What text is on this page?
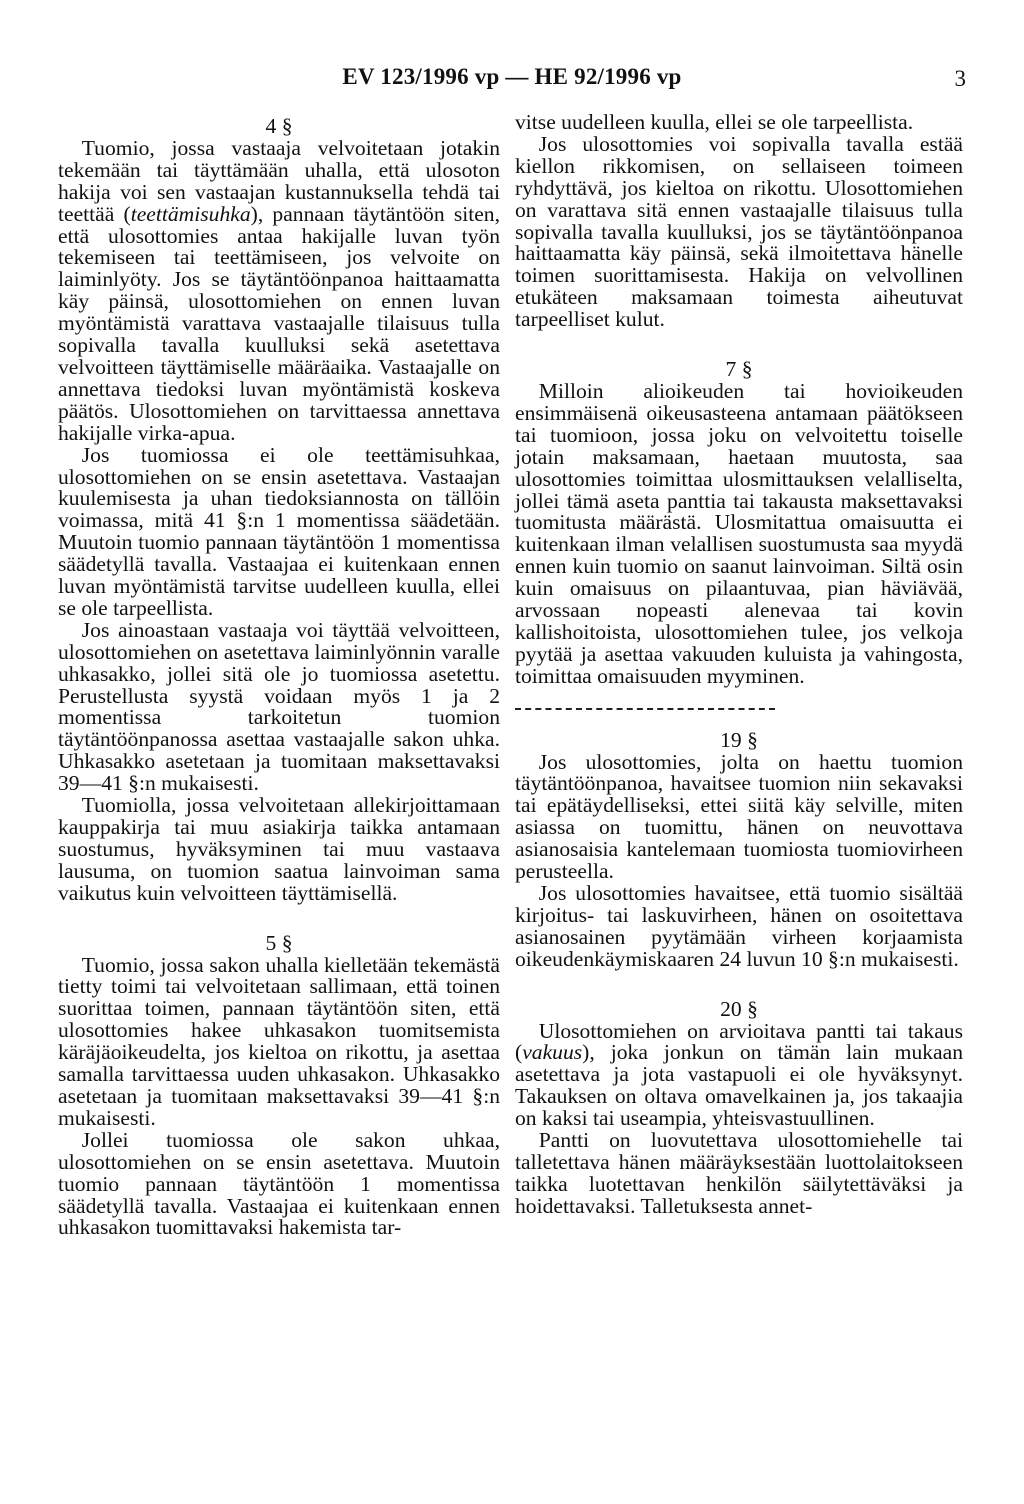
EV 123/1996 vp — HE 92/1996 vp	3

4 §

Tuomio, jossa vastaaja velvoitetaan jotakin tekemään tai täyttämään uhalla, että ulosoton hakija voi sen vastaajan kustannuksella tehdä tai teettää (teettämisuhka), pannaan täytäntöön siten, että ulosottomies antaa hakijalle luvan työn tekemiseen tai teettämiseen, jos velvoite on laiminlyöty. Jos se täytäntöönpanoa haittaamatta käy päinsä, ulosottomiehen on ennen luvan myöntämistä varattava vastaajalle tilaisuus tulla sopivalla tavalla kuulluksi sekä asetettava velvoitteen täyttämiselle määräaika. Vastaajalle on annettava tiedoksi luvan myöntämistä koskeva päätös. Ulosottomiehen on tarvittaessa annettava hakijalle virka-apua.

Jos tuomiossa ei ole teettämisuhkaa, ulosottomiehen on se ensin asetettava. Vastaajan kuulemisesta ja uhan tiedoksiannosta on tällöin voimassa, mitä 41 §:n 1 momentissa säädetään. Muutoin tuomio pannaan täytäntöön 1 momentissa säädetyllä tavalla. Vastaajaa ei kuitenkaan ennen luvan myöntämistä tarvitse uudelleen kuulla, ellei se ole tarpeellista.

Jos ainoastaan vastaaja voi täyttää velvoitteen, ulosottomiehen on asetettava laiminlyönnin varalle uhkasakko, jollei sitä ole jo tuomiossa asetettu. Perustellusta syystä voidaan myös 1 ja 2 momentissa tarkoitetun tuomion täytäntöönpanossa asettaa vastaajalle sakon uhka. Uhkasakko asetetaan ja tuomitaan maksettavaksi 39—41 §:n mukaisesti.

Tuomiolla, jossa velvoitetaan allekirjoittamaan kauppakirja tai muu asiakirja taikka antamaan suostumus, hyväksyminen tai muu vastaava lausuma, on tuomion saatua lainvoiman sama vaikutus kuin velvoitteen täyttämisellä.

5 §

Tuomio, jossa sakon uhalla kielletään tekemästä tietty toimi tai velvoitetaan sallimaan, että toinen suorittaa toimen, pannaan täytäntöön siten, että ulosottomies hakee uhkasakon tuomitsemista käräjäoikeudelta, jos kieltoa on rikottu, ja asettaa samalla tarvittaessa uuden uhkasakon. Uhkasakko asetetaan ja tuomitaan maksettavaksi 39—41 §:n mukaisesti.

Jollei tuomiossa ole sakon uhkaa, ulosottomiehen on se ensin asetettava. Muutoin tuomio pannaan täytäntöön 1 momentissa säädetyllä tavalla. Vastaajaa ei kuitenkaan ennen uhkasakon tuomittavaksi hakemista tar-

vitse uudelleen kuulla, ellei se ole tarpeellista.

Jos ulosottomies voi sopivalla tavalla estää kiellon rikkomisen, on sellaiseen toimeen ryhdyttävä, jos kieltoa on rikottu. Ulosottomiehen on varattava sitä ennen vastaajalle tilaisuus tulla sopivalla tavalla kuulluksi, jos se täytäntöönpanoa haittaamatta käy päinsä, sekä ilmoitettava hänelle toimen suorittamisesta. Hakija on velvollinen etukäteen maksamaan toimesta aiheutuvat tarpeelliset kulut.

7 §

Milloin alioikeuden tai hovioikeuden ensimmäisenä oikeusasteena antamaan päätökseen tai tuomioon, jossa joku on velvoitettu toiselle jotain maksamaan, haetaan muutosta, saa ulosottomies toimittaa ulosmittauksen velalliselta, jollei tämä aseta panttia tai takausta maksettavaksi tuomitusta määrästä. Ulosmitattua omaisuutta ei kuitenkaan ilman velallisen suostumusta saa myydä ennen kuin tuomio on saanut lainvoiman. Siltä osin kuin omaisuus on pilaantuvaa, pian häviävää, arvossaan nopeasti alenevaa tai kovin kallishoitoista, ulosottomiehen tulee, jos velkoja pyytää ja asettaa vakuuden kuluista ja vahingosta, toimittaa omaisuuden myyminen.

19 §

Jos ulosottomies, jolta on haettu tuomion täytäntöönpanoa, havaitsee tuomion niin sekavaksi tai epätäydelliseksi, ettei siitä käy selville, miten asiassa on tuomittu, hänen on neuvottava asianosaisia kantelemaan tuomiosta tuomiovirheen perusteella.

Jos ulosottomies havaitsee, että tuomio sisältää kirjoitus- tai laskuvirheen, hänen on osoitettava asianosainen pyytämään virheen korjaamista oikeudenkäymiskaaren 24 luvun 10 §:n mukaisesti.

20 §

Ulosottomiehen on arvioitava pantti tai takaus (vakuus), joka jonkun on tämän lain mukaan asetettava ja jota vastapuoli ei ole hyväksynyt. Takauksen on oltava omavelkainen ja, jos takaajia on kaksi tai useampia, yhteisvastuullinen.

Pantti on luovutettava ulosottomiehelle tai talletettava hänen määräyksestään luottolaitokseen taikka luotettavan henkilön säilytettäväksi ja hoidettavaksi. Talletuksesta annet-
